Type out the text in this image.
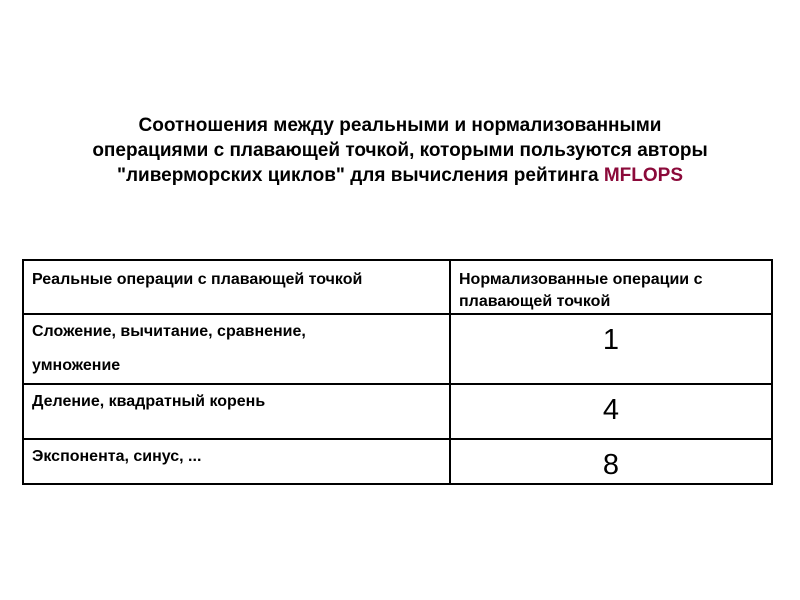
Соотношения между реальными и нормализованными
операциями с плавающей точкой, которыми пользуются авторы
"ливерморских циклов" для вычисления рейтинга MFLOPS
Реальные операции с плавающей точкой	Нормализованные операции с плавающей точкой

Сложение, вычитание, сравнение,
умножение	1

Деление, квадратный корень	4

Экспонента, синус, ...	8
